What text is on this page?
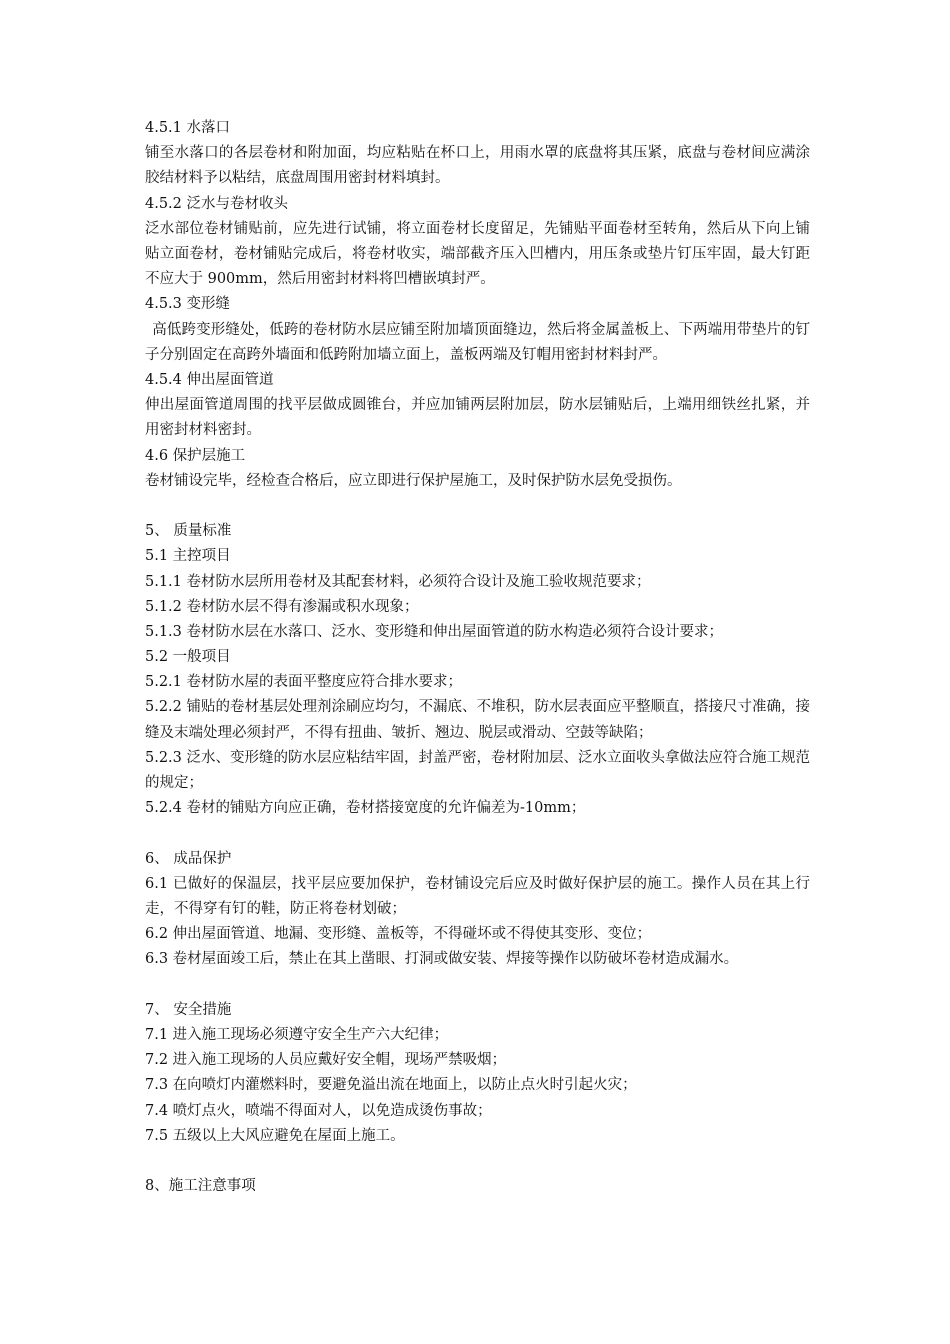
4.5.1 水落口
铺至水落口的各层卷材和附加面，均应粘贴在杯口上，用雨水罩的底盘将其压紧，底盘与卷材间应满涂胶结材料予以粘结，底盘周围用密封材料填封。
4.5.2 泛水与卷材收头
泛水部位卷材铺贴前，应先进行试铺，将立面卷材长度留足，先铺贴平面卷材至转角，然后从下向上铺贴立面卷材，卷材铺贴完成后，将卷材收实，端部截齐压入凹槽内，用压条或垫片钉压牢固，最大钉距不应大于 900mm，然后用密封材料将凹槽嵌填封严。
4.5.3 变形缝
高低跨变形缝处，低跨的卷材防水层应铺至附加墙顶面缝边，然后将金属盖板上、下两端用带垫片的钉子分别固定在高跨外墙面和低跨附加墙立面上，盖板两端及钉帽用密封材料封严。
4.5.4 伸出屋面管道
伸出屋面管道周围的找平层做成圆锥台，并应加铺两层附加层，防水层铺贴后，上端用细铁丝扎紧，并用密封材料密封。
4.6 保护层施工
卷材铺设完毕，经检查合格后，应立即进行保护屋施工，及时保护防水层免受损伤。
5、 质量标准
5.1 主控项目
5.1.1 卷材防水层所用卷材及其配套材料，必须符合设计及施工验收规范要求；
5.1.2 卷材防水层不得有渗漏或积水现象；
5.1.3 卷材防水层在水落口、泛水、变形缝和伸出屋面管道的防水构造必须符合设计要求；
5.2 一般项目
5.2.1 卷材防水屋的表面平整度应符合排水要求；
5.2.2 铺贴的卷材基层处理剂涂刷应均匀，不漏底、不堆积，防水层表面应平整顺直，搭接尺寸准确，接缝及末端处理必须封严，不得有扭曲、皱折、翘边、脱层或滑动、空鼓等缺陷；
5.2.3 泛水、变形缝的防水层应粘结牢固，封盖严密，卷材附加层、泛水立面收头拿做法应符合施工规范的规定；
5.2.4 卷材的铺贴方向应正确，卷材搭接宽度的允许偏差为-10mm；
6、 成品保护
6.1 已做好的保温层，找平层应要加保护，卷材铺设完后应及时做好保护层的施工。操作人员在其上行走，不得穿有钉的鞋，防正将卷材划破；
6.2 伸出屋面管道、地漏、变形缝、盖板等，不得碰坏或不得使其变形、变位；
6.3 卷材屋面竣工后，禁止在其上凿眼、打洞或做安装、焊接等操作以防破坏卷材造成漏水。
7、 安全措施
7.1 进入施工现场必须遵守安全生产六大纪律；
7.2 进入施工现场的人员应戴好安全帽，现场严禁吸烟；
7.3 在向喷灯内灌燃料时，要避免溢出流在地面上，以防止点火时引起火灾；
7.4 喷灯点火，喷端不得面对人，以免造成烫伤事故；
7.5 五级以上大风应避免在屋面上施工。
8、施工注意事项
